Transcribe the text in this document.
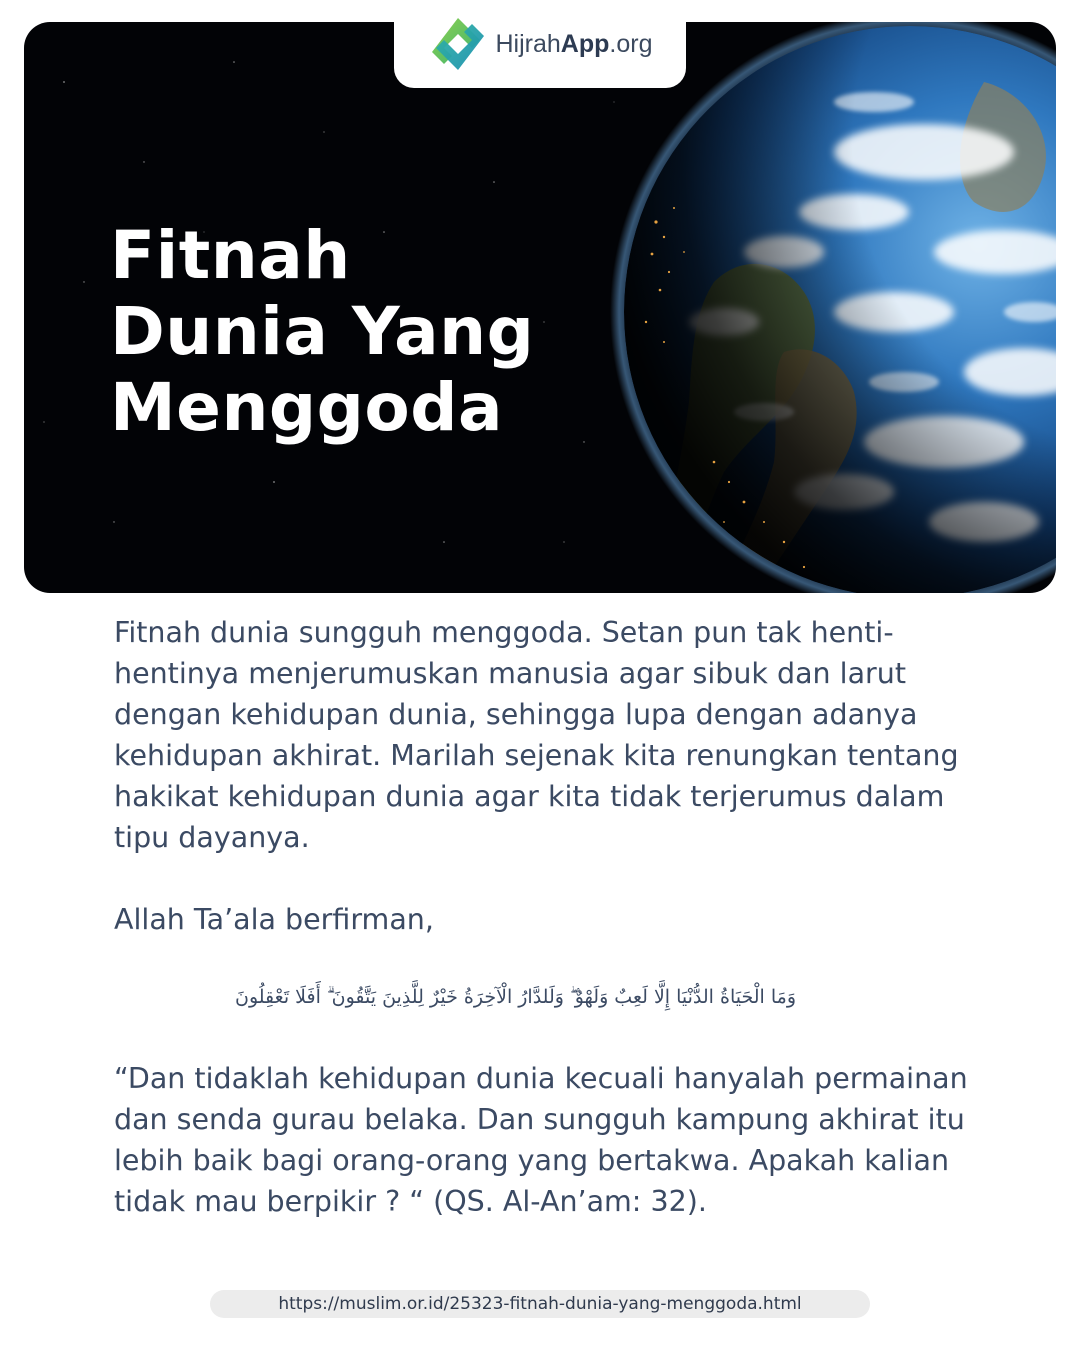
Fitnah
Dunia Yang
Menggoda
HijrahApp.org

Fitnah dunia sungguh menggoda. Setan pun tak henti-hentinya menjerumuskan manusia agar sibuk dan larut dengan kehidupan dunia, sehingga lupa dengan adanya kehidupan akhirat. Marilah sejenak kita renungkan tentang hakikat kehidupan dunia agar kita tidak terjerumus dalam tipu dayanya.

Allah Ta’ala berfirman,

وَمَا الْحَيَاةُ الدُّنْيَا إِلَّا لَعِبٌ وَلَهْوٌ ۖ وَلَلدَّارُ الْآخِرَةُ خَيْرٌ لِلَّذِينَ يَتَّقُونَ ۗ أَفَلَا تَعْقِلُونَ

“Dan tidaklah kehidupan dunia kecuali hanyalah permainan dan senda gurau belaka. Dan sungguh kampung akhirat itu lebih baik bagi orang-orang yang bertakwa. Apakah kalian tidak mau berpikir ? “ (QS. Al-An’am: 32).

https://muslim.or.id/25323-fitnah-dunia-yang-menggoda.html
